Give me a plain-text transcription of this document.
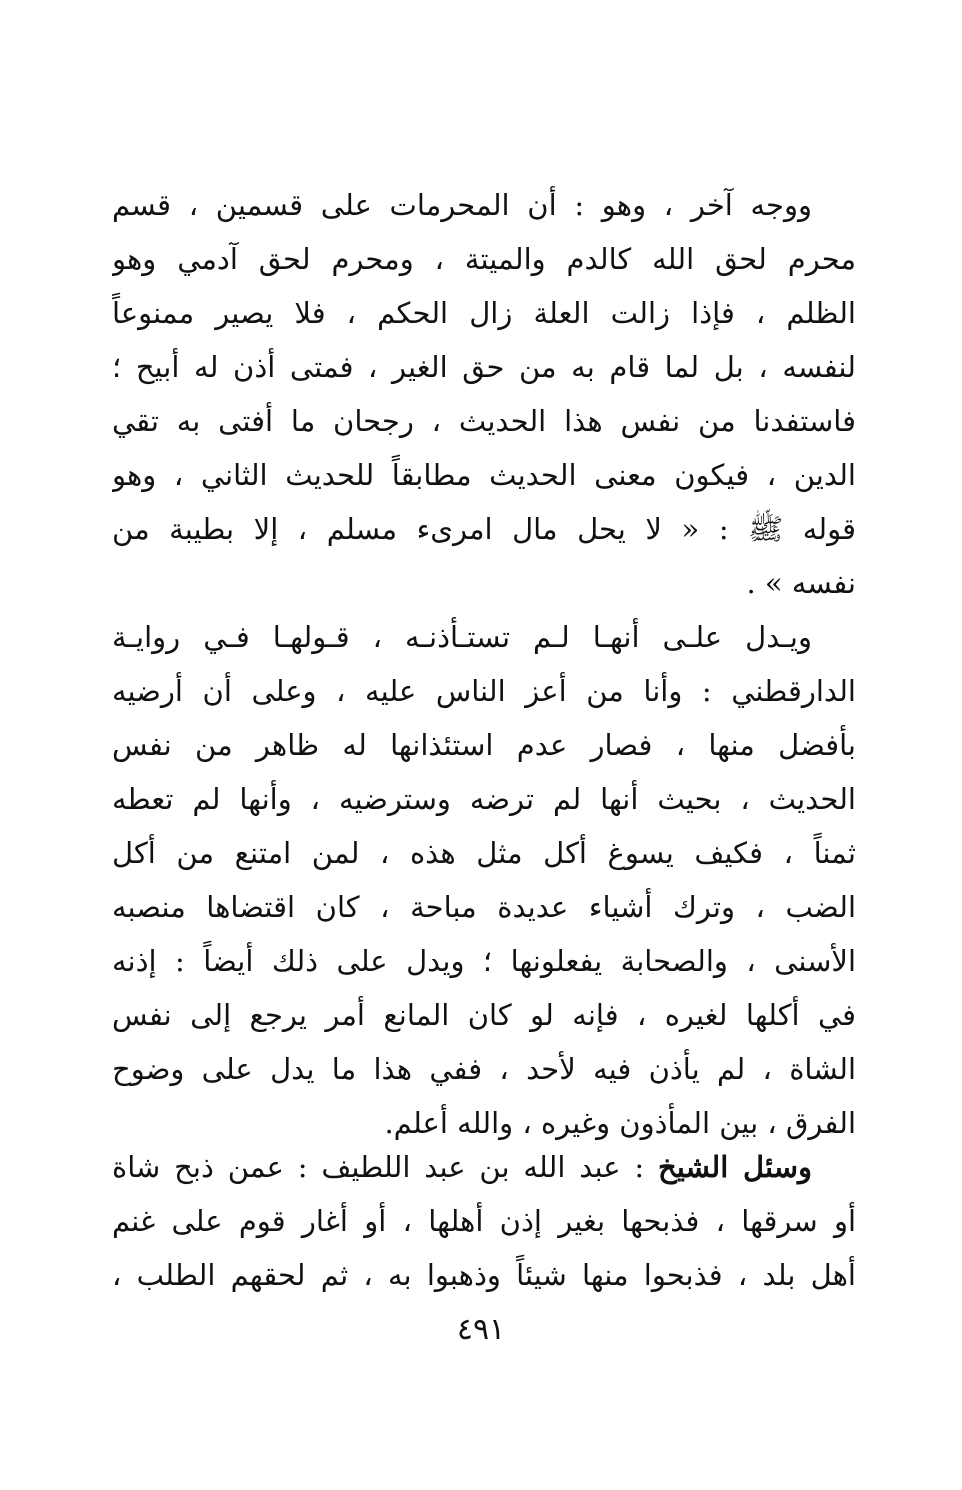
ووجه آخر ، وهو : أن المحرمات على قسمين ، قسم
محرم لحق الله كالدم والميتة ، ومحرم لحق آدمي وهو
الظلم ، فإذا زالت العلة زال الحكم ، فلا يصير ممنوعاً
لنفسه ، بل لما قام به من حق الغير ، فمتى أذن له أبيح ؛
فاستفدنا من نفس هذا الحديث ، رجحان ما أفتى به تقي
الدين ، فيكون معنى الحديث مطابقاً للحديث الثاني ، وهو
قوله ﷺ : « لا يحل مال امرىء مسلم ، إلا بطيبة من
نفسه » .

ويـدل علـى أنهـا لـم تستـأذنـه ، قـولهـا فـي روايـة
الدارقطني : وأنا من أعز الناس عليه ، وعلى أن أرضيه
بأفضل منها ، فصار عدم استئذانها له ظاهر من نفس
الحديث ، بحيث أنها لم ترضه وسترضيه ، وأنها لم تعطه
ثمناً ، فكيف يسوغ أكل مثل هذه ، لمن امتنع من أكل
الضب ، وترك أشياء عديدة مباحة ، كان اقتضاها منصبه
الأسنى ، والصحابة يفعلونها ؛ ويدل على ذلك أيضاً : إذنه
في أكلها لغيره ، فإنه لو كان المانع أمر يرجع إلى نفس
الشاة ، لم يأذن فيه لأحد ، ففي هذا ما يدل على وضوح
الفرق ، بين المأذون وغيره ، والله أعلم.

وسئل الشيخ : عبد الله بن عبد اللطيف : عمن ذبح شاة
أو سرقها ، فذبحها بغير إذن أهلها ، أو أغار قوم على غنم
أهل بلد ، فذبحوا منها شيئاً وذهبوا به ، ثم لحقهم الطلب ،

٤٩١
